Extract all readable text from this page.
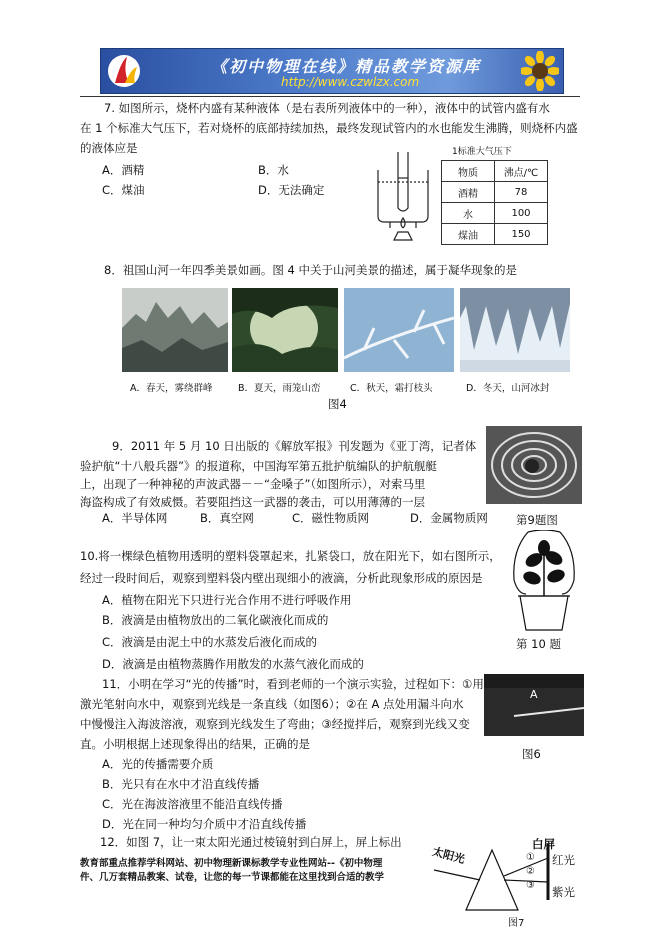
《初中物理在线》精品教学资源库
http://www.czwlzx.com
7. 如图所示，烧杯内盛有某种液体（是右表所列液体中的一种），液体中的试管内盛有水
在 1 个标准大气压下，若对烧杯的底部持续加热，最终发现试管内的水也能发生沸腾，则烧杯内盛
的液体应是
A．酒精	B．水
C．煤油	D．无法确定
1标准大气压下
物质	沸点/℃
酒精	78
水	100
煤油	150
8．祖国山河一年四季美景如画。图 4 中关于山河美景的描述，属于凝华现象的是
A．春天，雾绕群峰	B．夏天，雨笼山峦	C．秋天，霜打枝头	D．冬天，山河冰封
图4
9．2011 年 5 月 10 日出版的《解放军报》刊发题为《亚丁湾，记者体
验护航“十八般兵器”》的报道称，中国海军第五批护航编队的护航舰艇
上，出现了一种神秘的声波武器－－“金嗓子”（如图所示），对索马里
海盗构成了有效威慑。若要阻挡这一武器的袭击，可以用薄薄的一层
A．半导体网	B．真空网	C．磁性物质网	D．金属物质网 第9题图
10.将一棵绿色植物用透明的塑料袋罩起来，扎紧袋口，放在阳光下，如右图所示，
经过一段时间后，观察到塑料袋内壁出现细小的液滴，分析此现象形成的原因是
A．植物在阳光下只进行光合作用不进行呼吸作用
B．液滴是由植物放出的二氧化碳液化而成的
C．液滴是由泥土中的水蒸发后液化而成的
D．液滴是由植物蒸腾作用散发的水蒸气液化而成的
第 10 题
11．小明在学习“光的传播”时，看到老师的一个演示实验，过程如下：①用
激光笔射向水中，观察到光线是一条直线（如图6）；②在 A 点处用漏斗向水
中慢慢注入海波溶液，观察到光线发生了弯曲；③经搅拌后，观察到光线又变
直。小明根据上述现象得出的结果，正确的是
A．光的传播需要介质
B．光只有在水中才沿直线传播
C．光在海波溶液里不能沿直线传播
D．光在同一种均匀介质中才沿直线传播
A
图6
12．如图 7，让一束太阳光通过棱镜射到白屏上，屏上标出
①
②
③
太阳光
白屏
红光
紫光
图7
教育部重点推荐学科网站、初中物理新课标教学专业性网站--《初中物理
件、几万套精品教案、试卷，让您的每一节课都能在这里找到合适的教学
